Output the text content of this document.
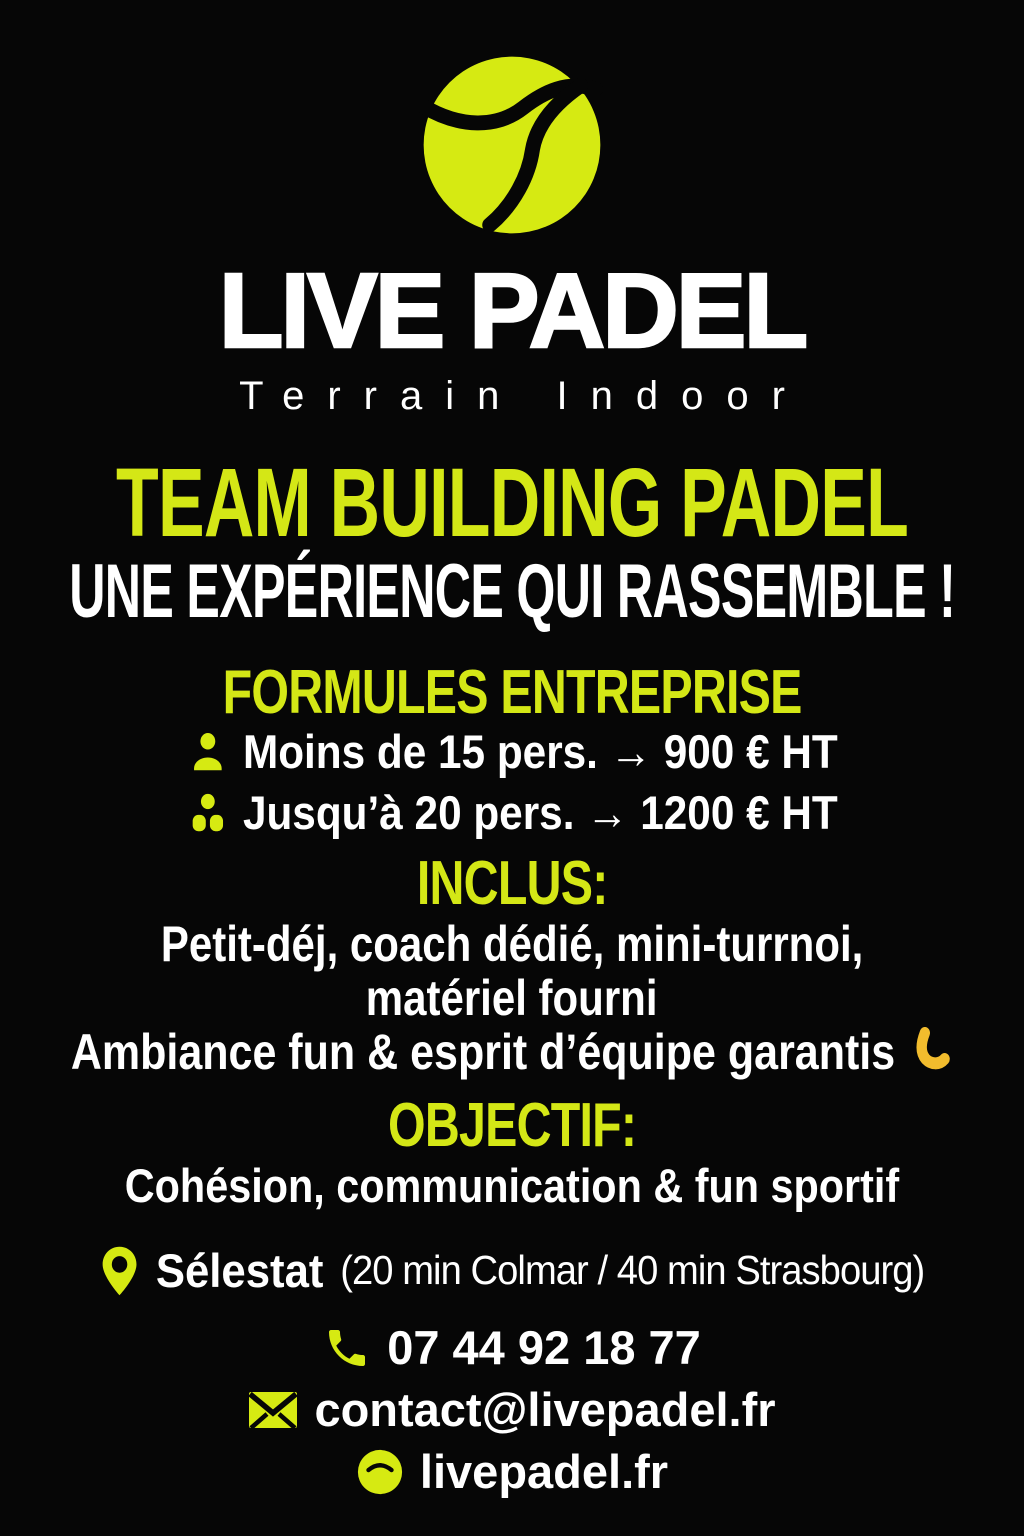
LIVE PADEL
Terrain Indoor
TEAM BUILDING PADEL
UNE EXPÉRIENCE QUI RASSEMBLE !
FORMULES ENTREPRISE
Moins de 15 pers. → 900 € HT
Jusqu’à 20 pers. → 1200 € HT
INCLUS:
Petit-déj, coach dédié, mini-turrnoi,
matériel fourni
Ambiance fun & esprit d’équipe garantis
OBJECTIF:
Cohésion, communication & fun sportif
Sélestat (20 min Colmar / 40 min Strasbourg)
07 44 92 18 77
contact@livepadel.fr
livepadel.fr
